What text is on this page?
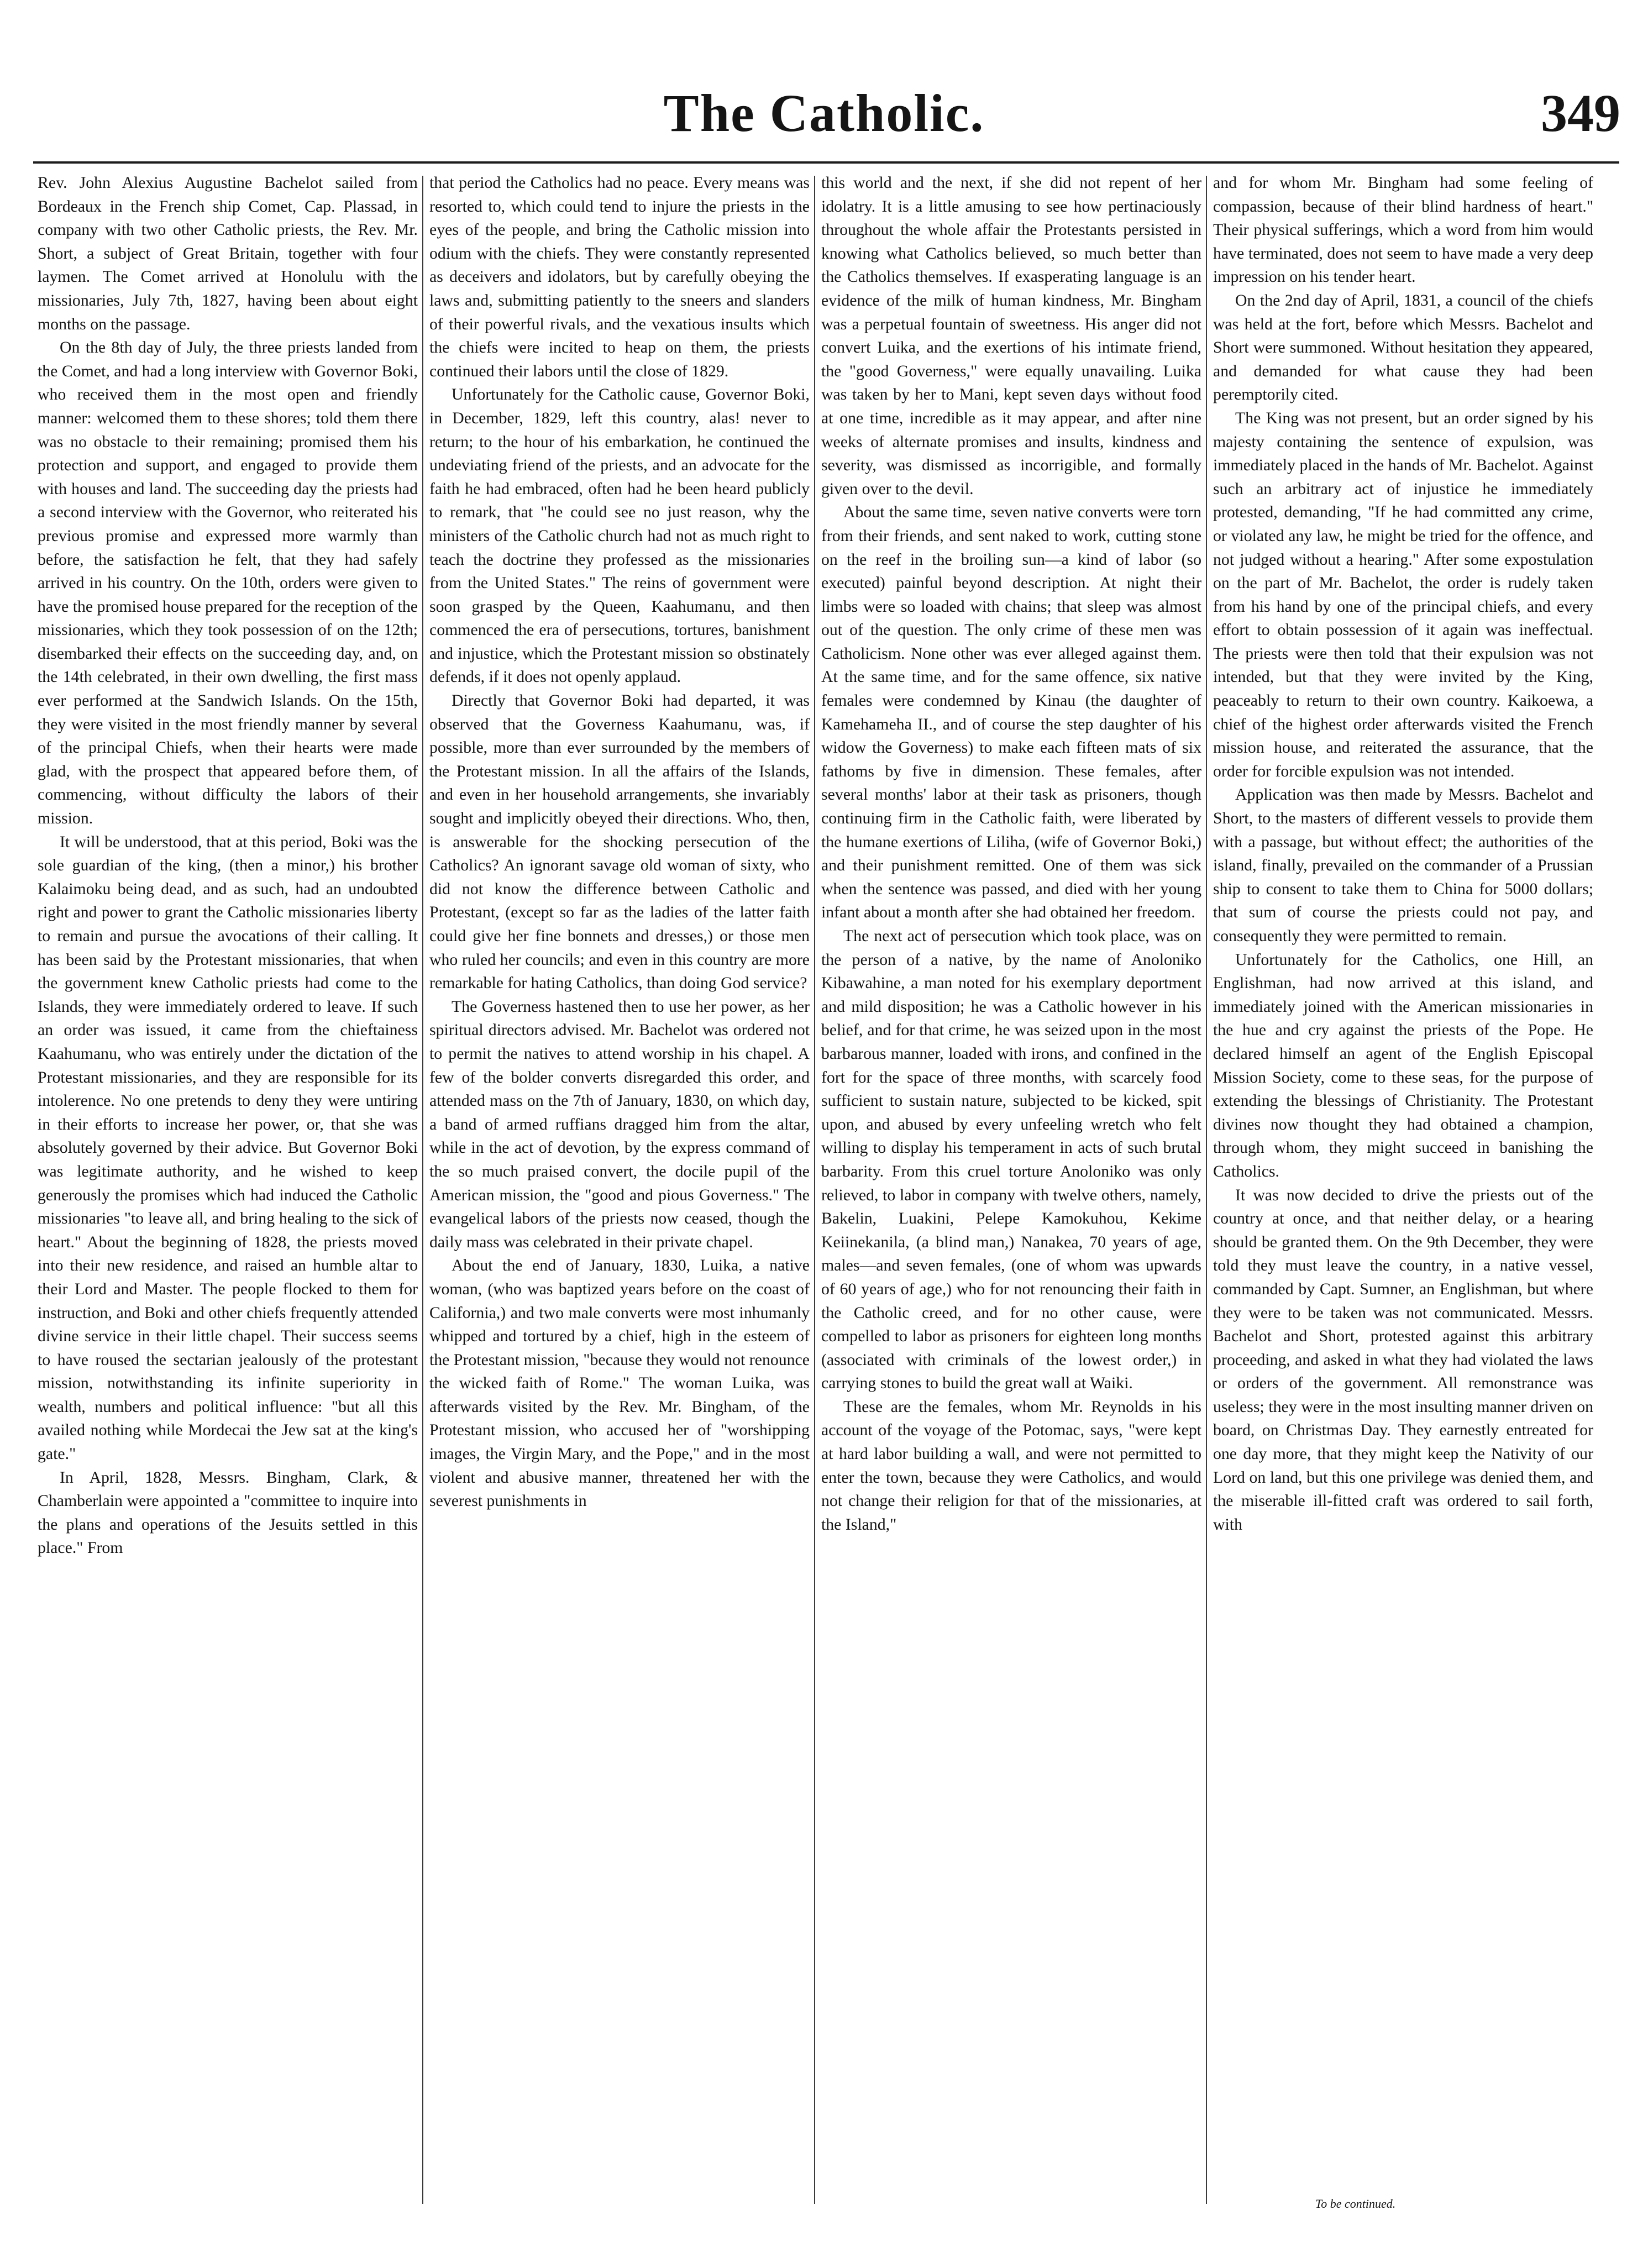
The Catholic.	349

Rev. John Alexius Augustine Bachelot sailed from Bordeaux in the French ship Comet, Cap. Plassad, in company with two other Catholic priests, the Rev. Mr. Short, a subject of Great Britain, together with four laymen. The Comet arrived at Honolulu with the missionaries, July 7th, 1827, having been about eight months on the passage.

On the 8th day of July, the three priests landed from the Comet, and had a long interview with Governor Boki, who received them in the most open and friendly manner: welcomed them to these shores; told them there was no obstacle to their remaining; promised them his protection and support, and engaged to provide them with houses and land. The succeeding day the priests had a second interview with the Governor, who reiterated his previous promise and expressed more warmly than before, the satisfaction he felt, that they had safely arrived in his country. On the 10th, orders were given to have the promised house prepared for the reception of the missionaries, which they took possession of on the 12th; disembarked their effects on the succeeding day, and, on the 14th celebrated, in their own dwelling, the first mass ever performed at the Sandwich Islands. On the 15th, they were visited in the most friendly manner by several of the principal Chiefs, when their hearts were made glad, with the prospect that appeared before them, of commencing, without difficulty the labors of their mission.

It will be understood, that at this period, Boki was the sole guardian of the king, (then a minor,) his brother Kalaimoku being dead, and as such, had an undoubted right and power to grant the Catholic missionaries liberty to remain and pursue the avocations of their calling. It has been said by the Protestant missionaries, that when the government knew Catholic priests had come to the Islands, they were immediately ordered to leave. If such an order was issued, it came from the chieftainess Kaahumanu, who was entirely under the dictation of the Protestant missionaries, and they are responsible for its intolerence. No one pretends to deny they were untiring in their efforts to increase her power, or, that she was absolutely governed by their advice. But Governor Boki was legitimate authority, and he wished to keep generously the promises which had induced the Catholic missionaries "to leave all, and bring healing to the sick of heart." About the beginning of 1828, the priests moved into their new residence, and raised an humble altar to their Lord and Master. The people flocked to them for instruction, and Boki and other chiefs frequently attended divine service in their little chapel. Their success seems to have roused the sectarian jealously of the protestant mission, notwithstanding its infinite superiority in wealth, numbers and political influence: "but all this availed nothing while Mordecai the Jew sat at the king's gate."

In April, 1828, Messrs. Bingham, Clark, & Chamberlain were appointed a "committee to inquire into the plans and operations of the Jesuits settled in this place." From

that period the Catholics had no peace. Every means was resorted to, which could tend to injure the priests in the eyes of the people, and bring the Catholic mission into odium with the chiefs. They were constantly represented as deceivers and idolators, but by carefully obeying the laws and, submitting patiently to the sneers and slanders of their powerful rivals, and the vexatious insults which the chiefs were incited to heap on them, the priests continued their labors until the close of 1829.

Unfortunately for the Catholic cause, Governor Boki, in December, 1829, left this country, alas! never to return; to the hour of his embarkation, he continued the undeviating friend of the priests, and an advocate for the faith he had embraced, often had he been heard publicly to remark, that "he could see no just reason, why the ministers of the Catholic church had not as much right to teach the doctrine they professed as the missionaries from the United States." The reins of government were soon grasped by the Queen, Kaahumanu, and then commenced the era of persecutions, tortures, banishment and injustice, which the Protestant mission so obstinately defends, if it does not openly applaud.

Directly that Governor Boki had departed, it was observed that the Governess Kaahumanu, was, if possible, more than ever surrounded by the members of the Protestant mission. In all the affairs of the Islands, and even in her household arrangements, she invariably sought and implicitly obeyed their directions. Who, then, is answerable for the shocking persecution of the Catholics? An ignorant savage old woman of sixty, who did not know the difference between Catholic and Protestant, (except so far as the ladies of the latter faith could give her fine bonnets and dresses,) or those men who ruled her councils; and even in this country are more remarkable for hating Catholics, than doing God service?

The Governess hastened then to use her power, as her spiritual directors advised. Mr. Bachelot was ordered not to permit the natives to attend worship in his chapel. A few of the bolder converts disregarded this order, and attended mass on the 7th of January, 1830, on which day, a band of armed ruffians dragged him from the altar, while in the act of devotion, by the express command of the so much praised convert, the docile pupil of the American mission, the "good and pious Governess." The evangelical labors of the priests now ceased, though the daily mass was celebrated in their private chapel.

About the end of January, 1830, Luika, a native woman, (who was baptized years before on the coast of California,) and two male converts were most inhumanly whipped and tortured by a chief, high in the esteem of the Protestant mission, "because they would not renounce the wicked faith of Rome." The woman Luika, was afterwards visited by the Rev. Mr. Bingham, of the Protestant mission, who accused her of "worshipping images, the Virgin Mary, and the Pope," and in the most violent and abusive manner, threatened her with the severest punishments in

this world and the next, if she did not repent of her idolatry. It is a little amusing to see how pertinaciously throughout the whole affair the Protestants persisted in knowing what Catholics believed, so much better than the Catholics themselves. If exasperating language is an evidence of the milk of human kindness, Mr. Bingham was a perpetual fountain of sweetness. His anger did not convert Luika, and the exertions of his intimate friend, the "good Governess," were equally unavailing. Luika was taken by her to Mani, kept seven days without food at one time, incredible as it may appear, and after nine weeks of alternate promises and insults, kindness and severity, was dismissed as incorrigible, and formally given over to the devil.

About the same time, seven native converts were torn from their friends, and sent naked to work, cutting stone on the reef in the broiling sun—a kind of labor (so executed) painful beyond description. At night their limbs were so loaded with chains; that sleep was almost out of the question. The only crime of these men was Catholicism. None other was ever alleged against them. At the same time, and for the same offence, six native females were condemned by Kinau (the daughter of Kamehameha II., and of course the step daughter of his widow the Governess) to make each fifteen mats of six fathoms by five in dimension. These females, after several months' labor at their task as prisoners, though continuing firm in the Catholic faith, were liberated by the humane exertions of Liliha, (wife of Governor Boki,) and their punishment remitted. One of them was sick when the sentence was passed, and died with her young infant about a month after she had obtained her freedom.

The next act of persecution which took place, was on the person of a native, by the name of Anoloniko Kibawahine, a man noted for his exemplary deportment and mild disposition; he was a Catholic however in his belief, and for that crime, he was seized upon in the most barbarous manner, loaded with irons, and confined in the fort for the space of three months, with scarcely food sufficient to sustain nature, subjected to be kicked, spit upon, and abused by every unfeeling wretch who felt willing to display his temperament in acts of such brutal barbarity. From this cruel torture Anoloniko was only relieved, to labor in company with twelve others, namely, Bakelin, Luakini, Pelepe Kamokuhou, Kekime Keiinekanila, (a blind man,) Nanakea, 70 years of age, males—and seven females, (one of whom was upwards of 60 years of age,) who for not renouncing their faith in the Catholic creed, and for no other cause, were compelled to labor as prisoners for eighteen long months (associated with criminals of the lowest order,) in carrying stones to build the great wall at Waiki.

These are the females, whom Mr. Reynolds in his account of the voyage of the Potomac, says, "were kept at hard labor building a wall, and were not permitted to enter the town, because they were Catholics, and would not change their religion for that of the missionaries, at the Island,"

and for whom Mr. Bingham had some feeling of compassion, because of their blind hardness of heart." Their physical sufferings, which a word from him would have terminated, does not seem to have made a very deep impression on his tender heart.

On the 2nd day of April, 1831, a council of the chiefs was held at the fort, before which Messrs. Bachelot and Short were summoned. Without hesitation they appeared, and demanded for what cause they had been peremptorily cited.

The King was not present, but an order signed by his majesty containing the sentence of expulsion, was immediately placed in the hands of Mr. Bachelot. Against such an arbitrary act of injustice he immediately protested, demanding, "If he had committed any crime, or violated any law, he might be tried for the offence, and not judged without a hearing." After some expostulation on the part of Mr. Bachelot, the order is rudely taken from his hand by one of the principal chiefs, and every effort to obtain possession of it again was ineffectual. The priests were then told that their expulsion was not intended, but that they were invited by the King, peaceably to return to their own country. Kaikoewa, a chief of the highest order afterwards visited the French mission house, and reiterated the assurance, that the order for forcible expulsion was not intended.

Application was then made by Messrs. Bachelot and Short, to the masters of different vessels to provide them with a passage, but without effect; the authorities of the island, finally, prevailed on the commander of a Prussian ship to consent to take them to China for 5000 dollars; that sum of course the priests could not pay, and consequently they were permitted to remain.

Unfortunately for the Catholics, one Hill, an Englishman, had now arrived at this island, and immediately joined with the American missionaries in the hue and cry against the priests of the Pope. He declared himself an agent of the English Episcopal Mission Society, come to these seas, for the purpose of extending the blessings of Christianity. The Protestant divines now thought they had obtained a champion, through whom, they might succeed in banishing the Catholics.

It was now decided to drive the priests out of the country at once, and that neither delay, or a hearing should be granted them. On the 9th December, they were told they must leave the country, in a native vessel, commanded by Capt. Sumner, an Englishman, but where they were to be taken was not communicated. Messrs. Bachelot and Short, protested against this arbitrary proceeding, and asked in what they had violated the laws or orders of the government. All remonstrance was useless; they were in the most insulting manner driven on board, on Christmas Day. They earnestly entreated for one day more, that they might keep the Nativity of our Lord on land, but this one privilege was denied them, and the miserable ill-fitted craft was ordered to sail forth, with

To be continued.
